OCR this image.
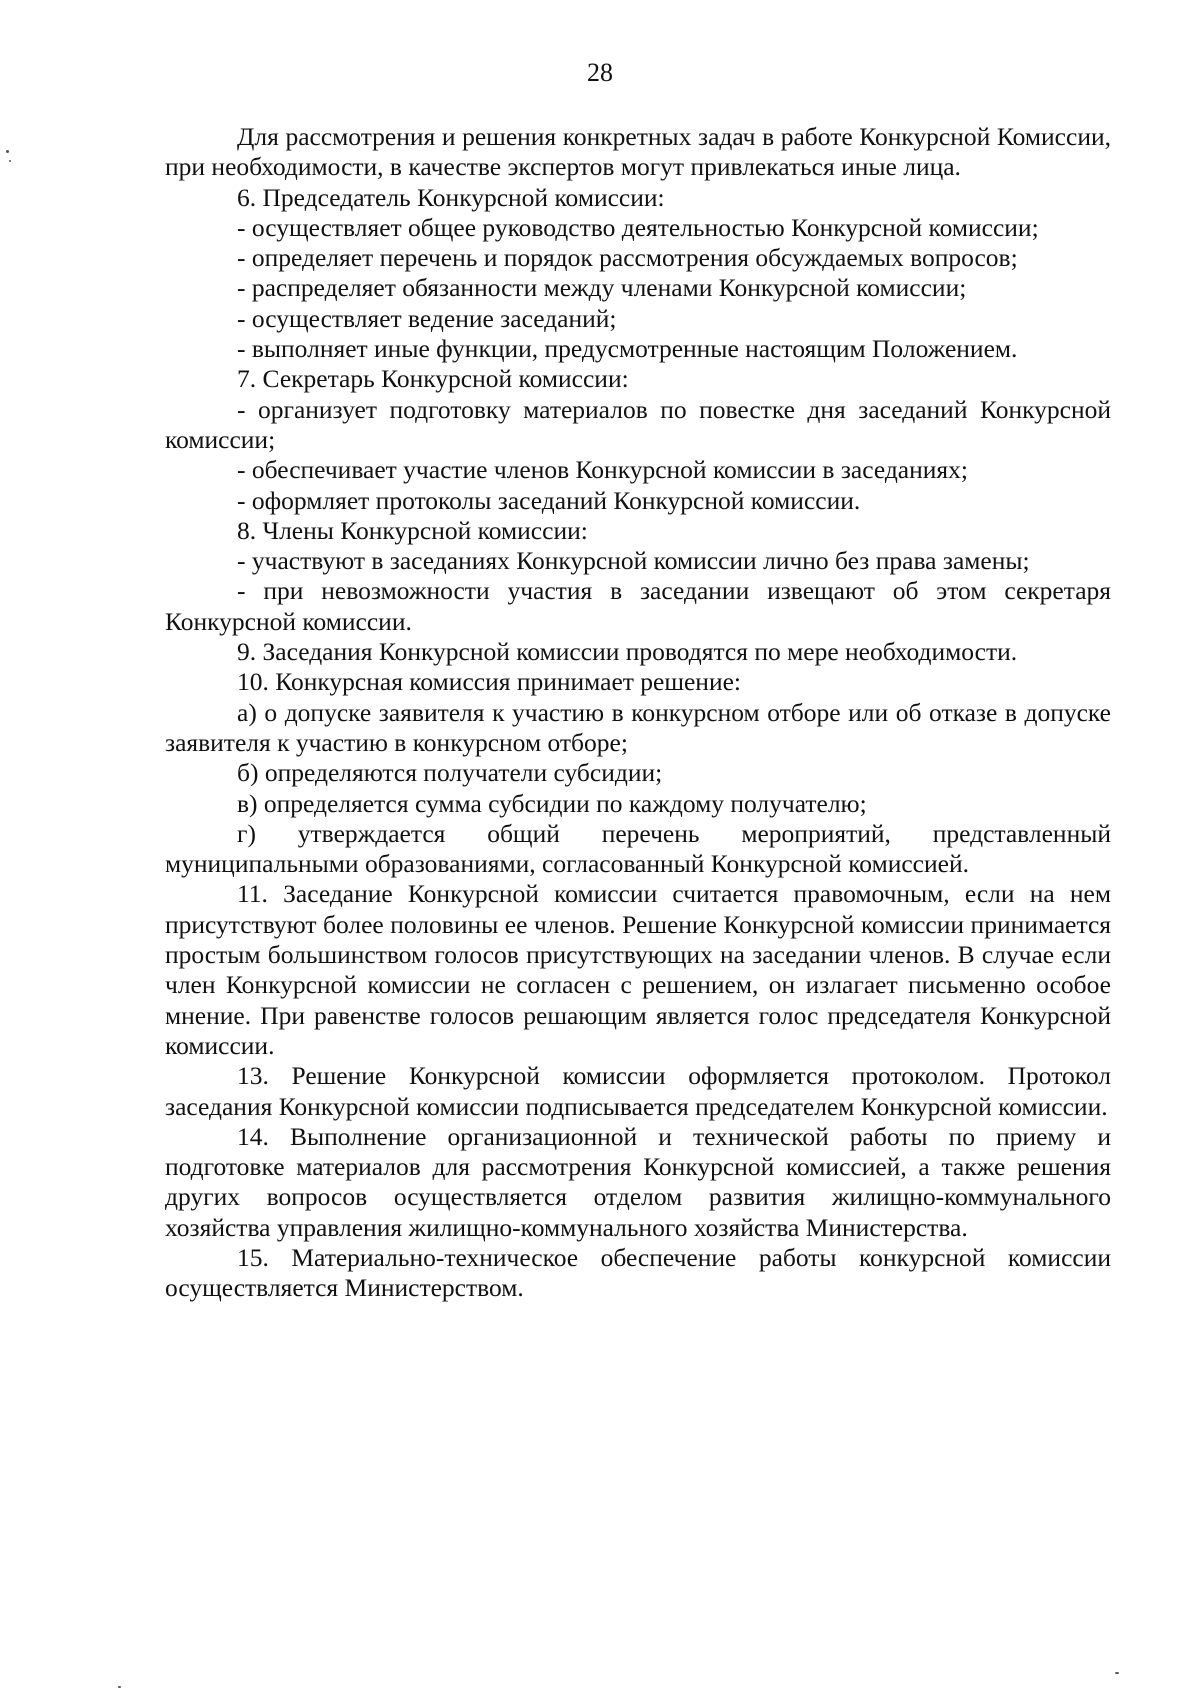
28

Для рассмотрения и решения конкретных задач в работе Конкурсной Комиссии, при необходимости, в качестве экспертов могут привлекаться иные лица.

6. Председатель Конкурсной комиссии:

- осуществляет общее руководство деятельностью Конкурсной комиссии;

- определяет перечень и порядок рассмотрения обсуждаемых вопросов;

- распределяет обязанности между членами Конкурсной комиссии;

- осуществляет ведение заседаний;

- выполняет иные функции, предусмотренные настоящим Положением.

7. Секретарь Конкурсной комиссии:

- организует подготовку материалов по повестке дня заседаний Конкурсной комиссии;

- обеспечивает участие членов Конкурсной комиссии в заседаниях;

- оформляет протоколы заседаний Конкурсной комиссии.

8. Члены Конкурсной комиссии:

- участвуют в заседаниях Конкурсной комиссии лично без права замены;

- при невозможности участия в заседании извещают об этом секретаря Конкурсной комиссии.

9. Заседания Конкурсной комиссии проводятся по мере необходимости.

10. Конкурсная комиссия принимает решение:

а) о допуске заявителя к участию в конкурсном отборе или об отказе в допуске заявителя к участию в конкурсном отборе;

б) определяются получатели субсидии;

в) определяется сумма субсидии по каждому получателю;

г) утверждается общий перечень мероприятий, представленный муниципальными образованиями, согласованный Конкурсной комиссией.

11. Заседание Конкурсной комиссии считается правомочным, если на нем присутствуют более половины ее членов. Решение Конкурсной комиссии принимается простым большинством голосов присутствующих на заседании членов. В случае если член Конкурсной комиссии не согласен с решением, он излагает письменно особое мнение. При равенстве голосов решающим является голос председателя Конкурсной комиссии.

13. Решение Конкурсной комиссии оформляется протоколом. Протокол заседания Конкурсной комиссии подписывается председателем Конкурсной комиссии.

14. Выполнение организационной и технической работы по приему и подготовке материалов для рассмотрения Конкурсной комиссией, а также решения других вопросов осуществляется отделом развития жилищно-коммунального хозяйства управления жилищно-коммунального хозяйства Министерства.

15. Материально-техническое обеспечение работы конкурсной комиссии осуществляется Министерством.
